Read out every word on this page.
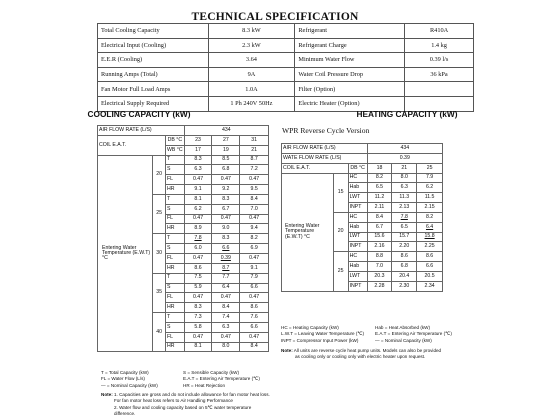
TECHNICAL SPECIFICATION
Total Cooling Capacity	8.3 kW	Refrigerant	R410A
Electrical Input (Cooling)	2.3 kW	Refrigerant Charge	1.4 kg
E.E.R (Cooling)	3.64	Minimum Water Flow	0.39 l/s
Running Amps (Total)	9A	Water Coil Pressure Drop	36 kPa
Fan Motor Full Load Amps	1.0A	Filter (Option)	
Electrical Supply Required	1 Ph 240V 50Hz	Electric Heater (Option)	
COOLING CAPACITY (kW)	HEATING CAPACITY (kW)
WPR Reverse Cycle Version
AIR FLOW RATE (L/S)			434		
COIL E.A.T.		DB °C	23	27	31
		WB °C	17	19	21
Entering Water Temperature (E.W.T) °C	20	T	8.3	8.5	8.7
		S	6.3	6.8	7.2
		FL	0.47	0.47	0.47
		HR	9.1	9.2	9.5
	25	T	8.1	8.3	8.4
		S	6.2	6.7	7.0
		FL	0.47	0.47	0.47
		HR	8.9	9.0	9.4
	30	T	7.8	8.3	8.2
		S	6.0	6.6	6.9
		FL	0.47	0.39	0.47
		HR	8.6	8.7	9.1
	35	T	7.5	7.7	7.9
		S	5.9	6.4	6.6
		FL	0.47	0.47	0.47
		HR	8.3	8.4	8.6
	40	T	7.3	7.4	7.6
		S	5.8	6.3	6.6
		FL	0.47	0.47	0.47
		HR	8.1	8.0	8.4
AIR FLOW RATE (L/S)			434		
WATE FLOW RATE (L/S)			0.39		
COIL E.A.T.		DB °C	18	21	25
Entering Water Temperature (E.W.T) °C	15	HC	8.2	8.0	7.9
		Hab	6.5	6.3	6.2
		LWT	11.2	11.3	11.5
		INPT	2.11	2.13	2.15
	20	HC	8.4	7.8	8.2
		Hab	6.7	6.5	6.4
		LWT	15.6	15.7	15.8
		INPT	2.16	2.20	2.25
	25	HC	8.8	8.6	8.6
		Hab	7.0	6.8	6.6
		LWT	20.3	20.4	20.5
		INPT	2.28	2.30	2.34
T = Total Capacity (kW)
FL = Water Flow (L/s)
— = Nominal Capacity (kW)
S = Sensible Capacity (kW)
E.A.T = Entering Air Temperature (℃)
HR = Heat Rejection
Note: 1. Capacities are gross and do not include allowance for fan motor heat loss.
For fan motor heat loss refers to Air Handling Performance
2. Water flow and cooling capacity based on 5℃ water temperature
difference.
HC = Heating Capacity (kW)
L.W.T = Leaving Water Temperature (℃)
INPT = Compressor Input Power (kW)
Hab = Heat Absorbed (kW)
E.A.T = Entering Air Temperature (℃)
— = Nominal Capacity (kW)
Note: All units are reverse cycle heat pump units. Models can also be provided
as cooling only or cooling only with electric heater upon request.
